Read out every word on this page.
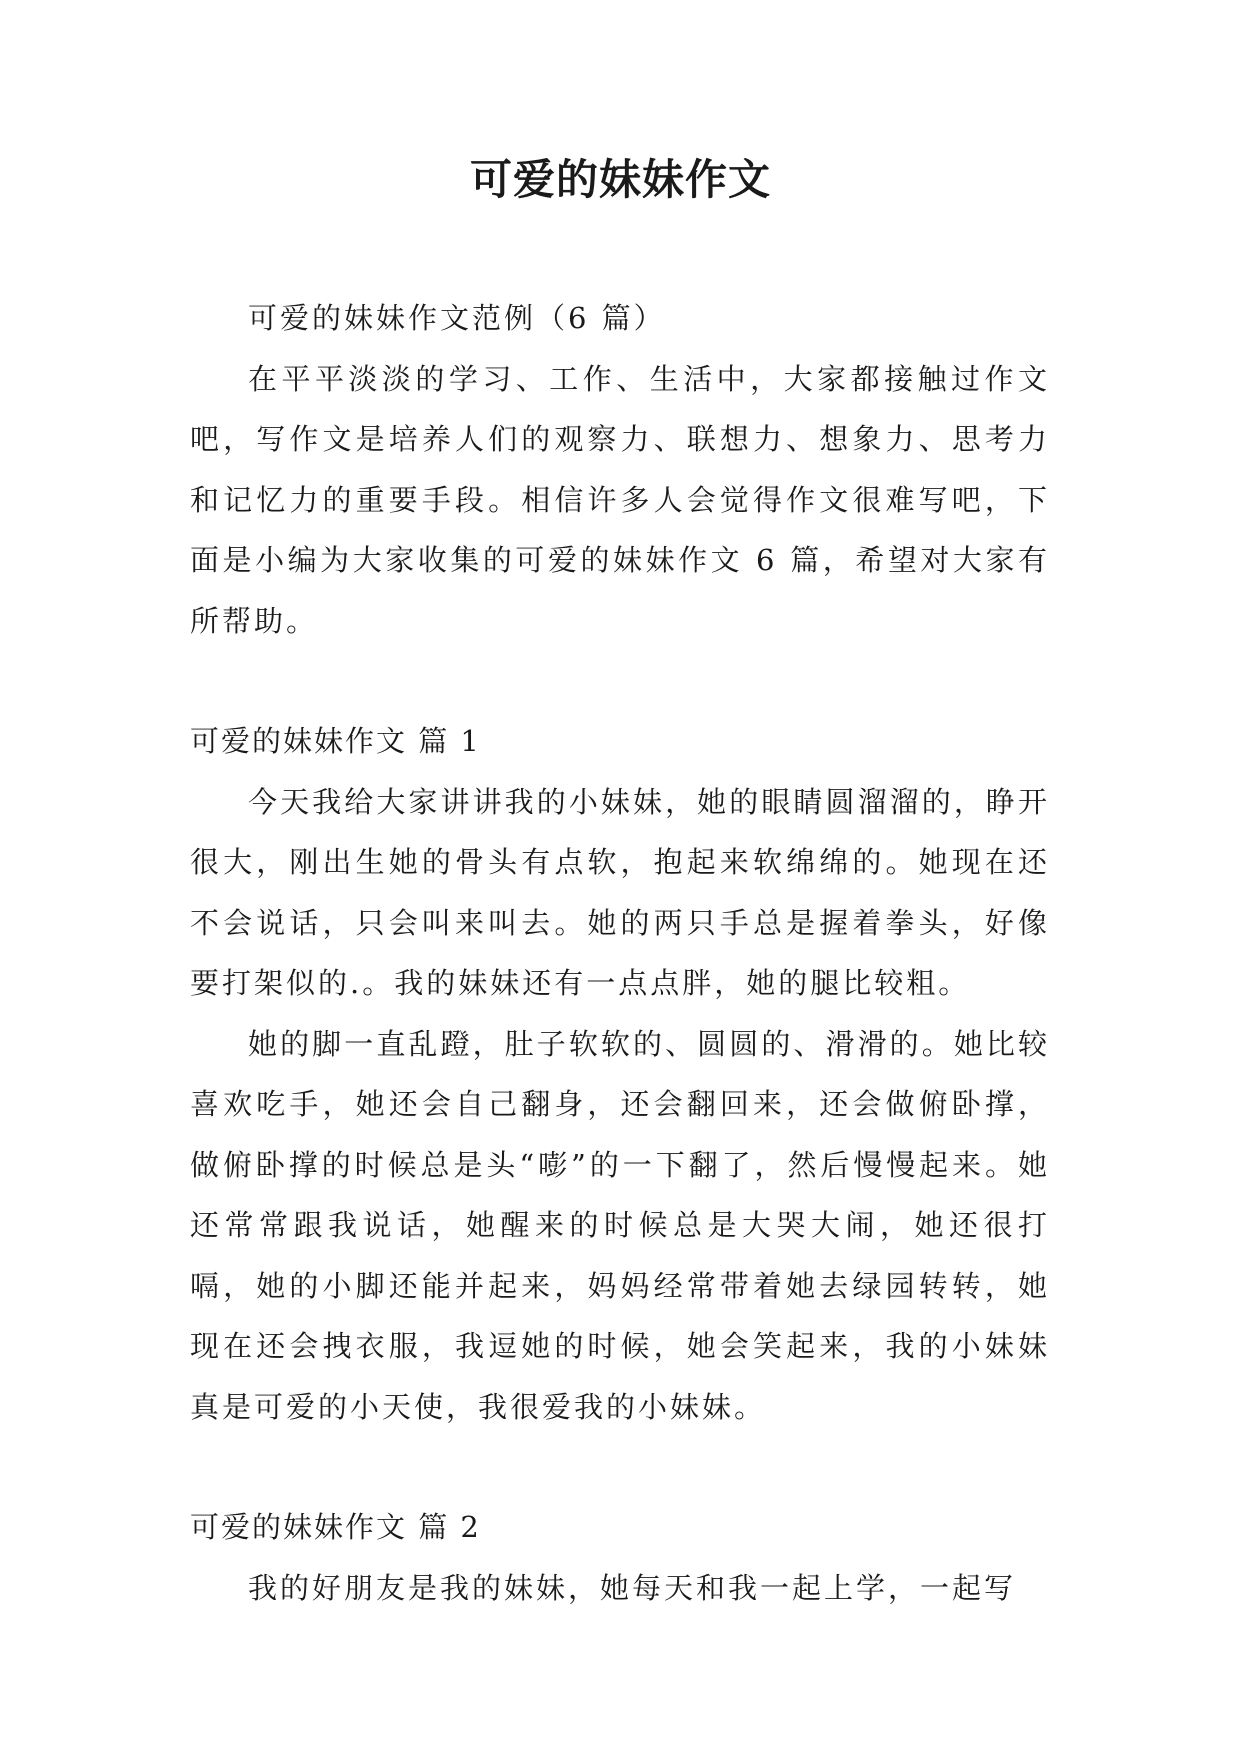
可爱的妹妹作文

可爱的妹妹作文范例（6 篇）

在平平淡淡的学习、工作、生活中，大家都接触过作文吧，写作文是培养人们的观察力、联想力、想象力、思考力和记忆力的重要手段。相信许多人会觉得作文很难写吧，下面是小编为大家收集的可爱的妹妹作文 6 篇，希望对大家有所帮助。

可爱的妹妹作文 篇 1

今天我给大家讲讲我的小妹妹，她的眼睛圆溜溜的，睁开很大，刚出生她的骨头有点软，抱起来软绵绵的。她现在还不会说话，只会叫来叫去。她的两只手总是握着拳头，好像要打架似的.。我的妹妹还有一点点胖，她的腿比较粗。

她的脚一直乱蹬，肚子软软的、圆圆的、滑滑的。她比较喜欢吃手，她还会自己翻身，还会翻回来，还会做俯卧撑，做俯卧撑的时候总是头“嘭”的一下翻了，然后慢慢起来。她还常常跟我说话，她醒来的时候总是大哭大闹，她还很打嗝，她的小脚还能并起来，妈妈经常带着她去绿园转转，她现在还会拽衣服，我逗她的时候，她会笑起来，我的小妹妹真是可爱的小天使，我很爱我的小妹妹。

可爱的妹妹作文 篇 2

我的好朋友是我的妹妹，她每天和我一起上学，一起写
